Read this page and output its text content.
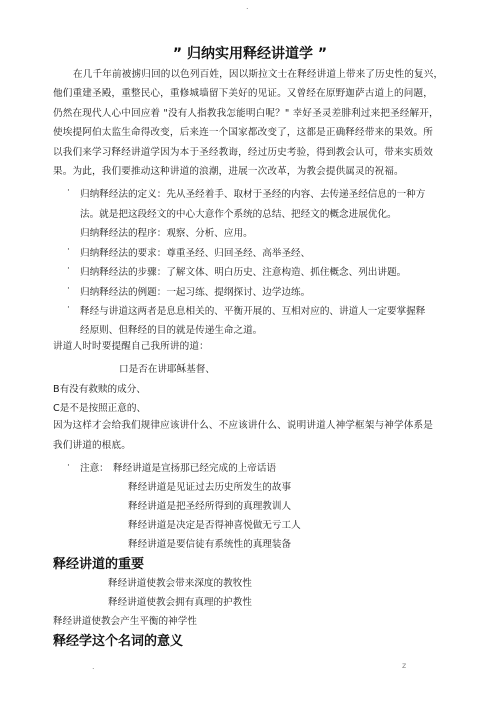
.
” 归纳实用释经讲道学 ”
在几千年前被掳归回的以色列百姓，因以斯拉文士在释经讲道上带来了历史性的复兴，
他们重建圣殿，重整民心，重修城墙留下美好的见证。又曾经在原野迦萨古道上的问题，
仍然在现代人心中回应着 "没有人指教我怎能明白呢？" 幸好圣灵差腓利过来把圣经解开，
使埃提阿伯太监生命得改变，后来连一个国家都改变了，这都是正确释经带来的果效。所
以我们来学习释经讲道学因为本于圣经教诲，经过历史考验，得到教会认可，带来实质效
果。为此，我们要推动这种讲道的浪潮，进展一次改革，为教会提供属灵的祝福。
· 归纳释经法的定义：先从圣经着手、取材于圣经的内容、去传递圣经信息的一种方
法。就是把这段经文的中心大意作个系统的总结、把经文的概念进展优化。
归纳释经法的程序：观察、分析、应用。
· 归纳释经法的要求：尊重圣经、归回圣经、高举圣经、
· 归纳释经法的步骤：了解文体、明白历史、注意构造、抓住概念、列出讲题。
· 归纳释经法的例题：一起习练、提纲探讨、边学边练。
· 释经与讲道这两者是息息相关的、平衡开展的、互相对应的、讲道人一定要掌握释
经原则、但释经的目的就是传递生命之道。
讲道人时时要提醒自己我所讲的道：
口是否在讲耶稣基督、
B有没有救赎的成分、
C是不是按照正意的、
因为这样才会给我们规律应该讲什么、不应该讲什么、说明讲道人神学框架与神学体系是
我们讲道的根底。
· 注意： 释经讲道是宣扬那已经完成的上帝话语
释经讲道是见证过去历史所发生的故事
释经讲道是把圣经所得到的真理教训人
释经讲道是决定是否得神喜悦做无亏工人
释经讲道是要信徒有系统性的真理装备
释经讲道的重要
释经讲道使教会带来深度的教牧性
释经讲道使教会拥有真理的护教性
释经讲道使教会产生平衡的神学性
释经学这个名词的意义
.	z
